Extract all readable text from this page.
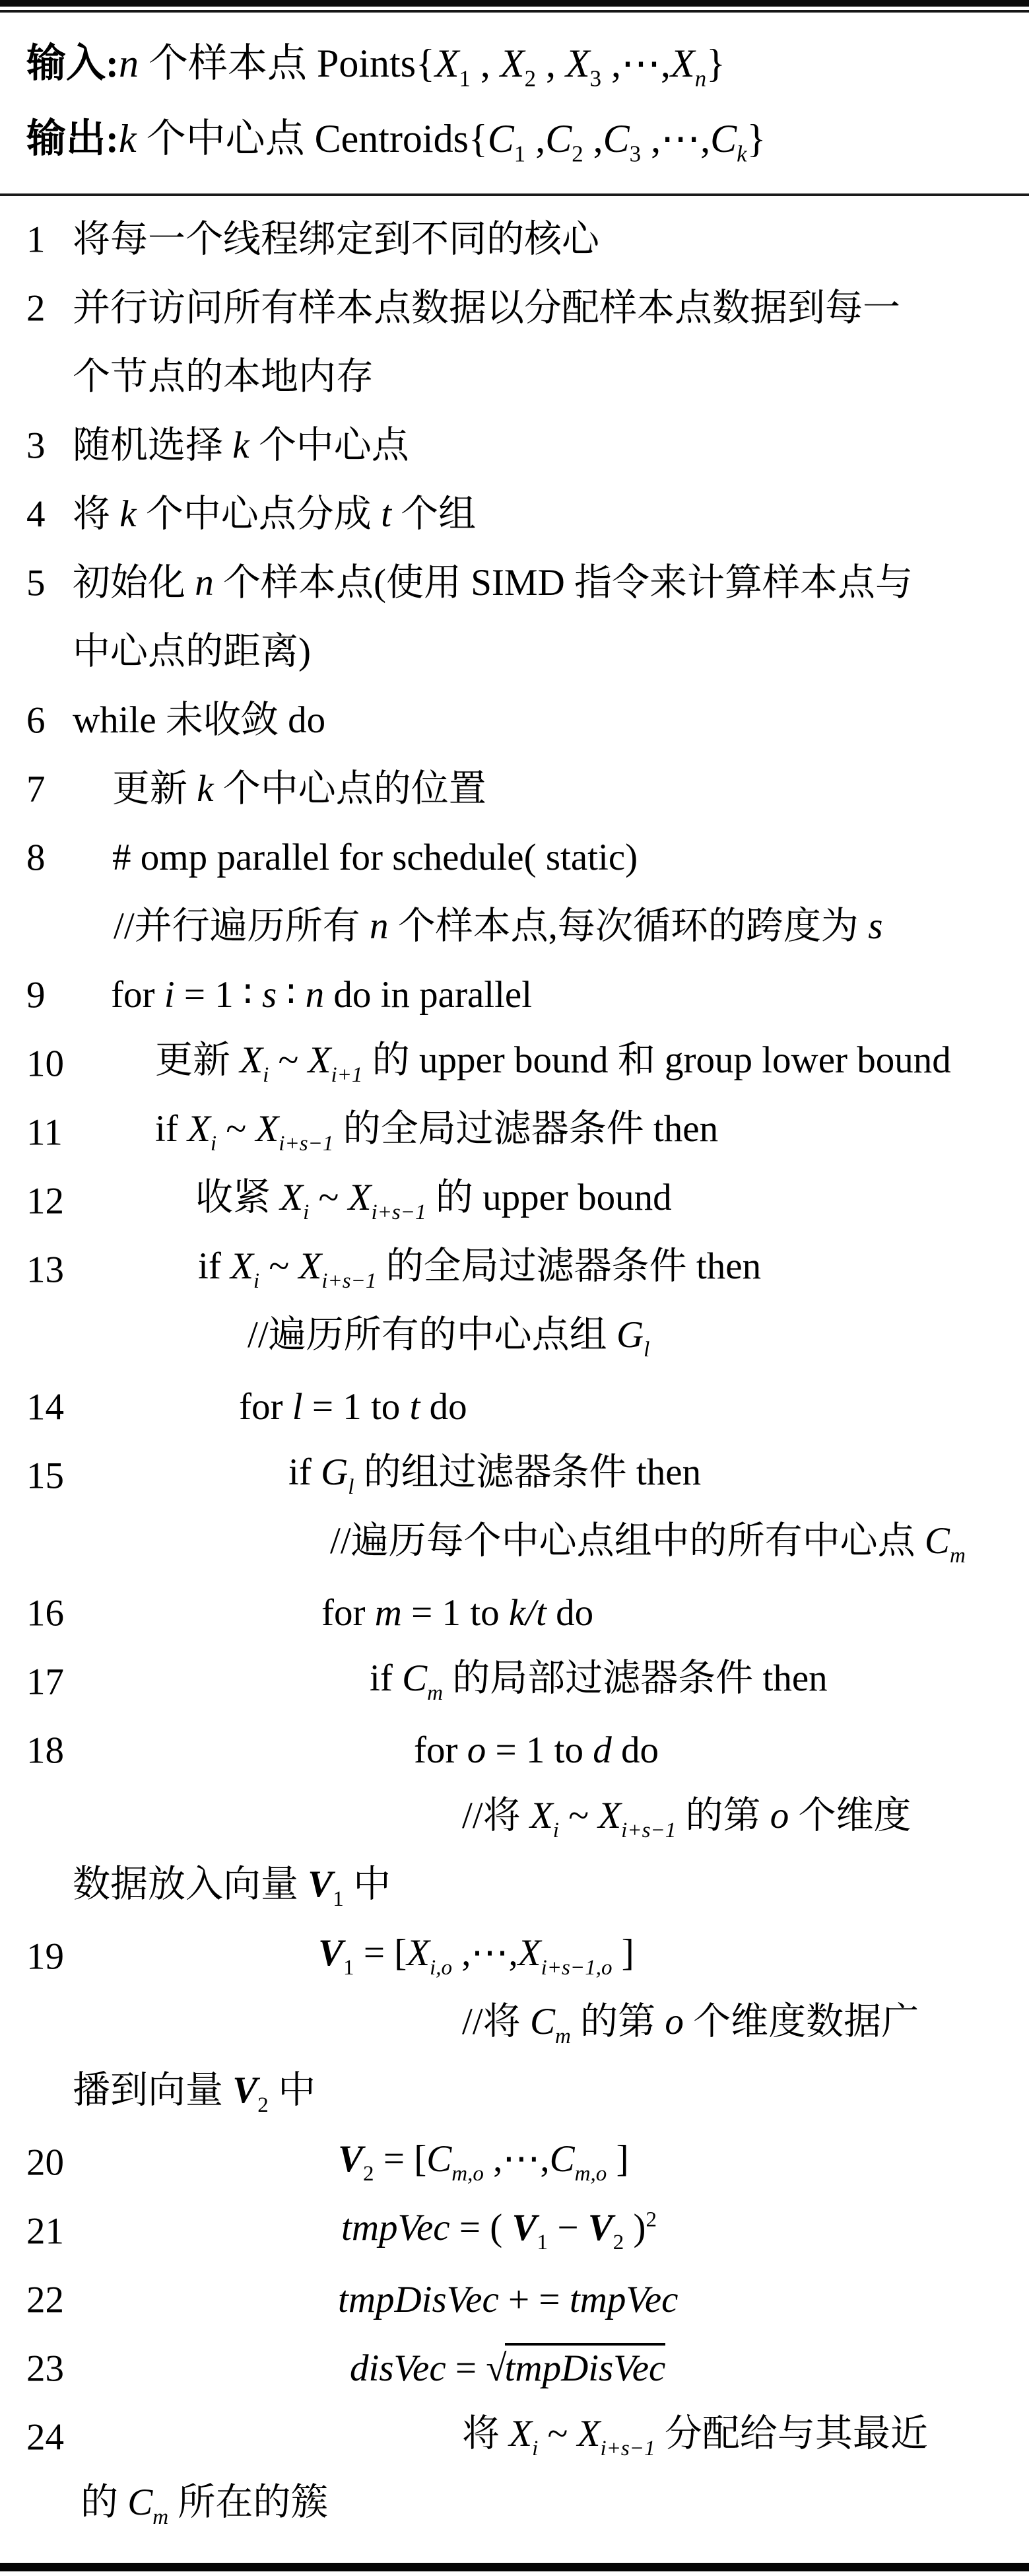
输入:n 个样本点 $Points\{X_1$ , $X_2$ , $X_3$ $,\cdots,X_n$}
输出:k 个中心点 $Centroids\{C_1$ $,C_2$ $,C_3$ $,\cdots,C_k$}
1 将每一个线程绑定到不同的核心
2 并行访问所有样本点数据以分配样本点数据到每一
个节点的本地内存
3 随机选择 k 个中心点
4 将 k 个中心点分成 t 个组
5 初始化 n 个样本点(使用 SIMD 指令来计算样本点与
中心点的距离)
6 while 未收敛 do
7	更新 k 个中心点的位置
8	# omp parallel for schedule( static)
//并行遍历所有 n 个样本点,每次循环的跨度为 s
9	for i = 1 ∶ s ∶ n do in parallel
10	更新 $X_i$ ~ $X_{i+1}$ 的 upper bound 和 group lower bound
11	if $X_i$ ~ $X_{i+s-1}$ 的全局过滤器条件 then
12	收紧 $X_i$ ~ $X_{i+s-1}$ 的 upper bound
13	if $X_i$ ~ $X_{i+s-1}$ 的全局过滤器条件 then
//遍历所有的中心点组 $G_l$
14	for l = 1 to t do
15	if $G_l$ 的组过滤器条件 then
//遍历每个中心点组中的所有中心点 $C_m$
16	for m = 1 to k/t do
17	if $C_m$ 的局部过滤器条件 then
18	for o = 1 to d do
//将 $X_i$ ~ $X_{i+s-1}$ 的第 o 个维度
数据放入向量 $V_1$ 中
19	$V_1 = [X_{i,o}$ $,\cdots,X_{i+s-1,o}$ ]
//将 $C_m$ 的第 o 个维度数据广
播到向量 $V_2$ 中
20	$V_2 = [C_{m,o}$ $,\cdots,C_{m,o}$ ]
21	tmpVec = ( $V_1 - V_2$ )$^2$
22	tmpDisVec + = tmpVec
23	disVec = √tmpDisVec
24	将 $X_i$ ~ $X_{i+s-1}$ 分配给与其最近
的 $C_m$ 所在的簇
